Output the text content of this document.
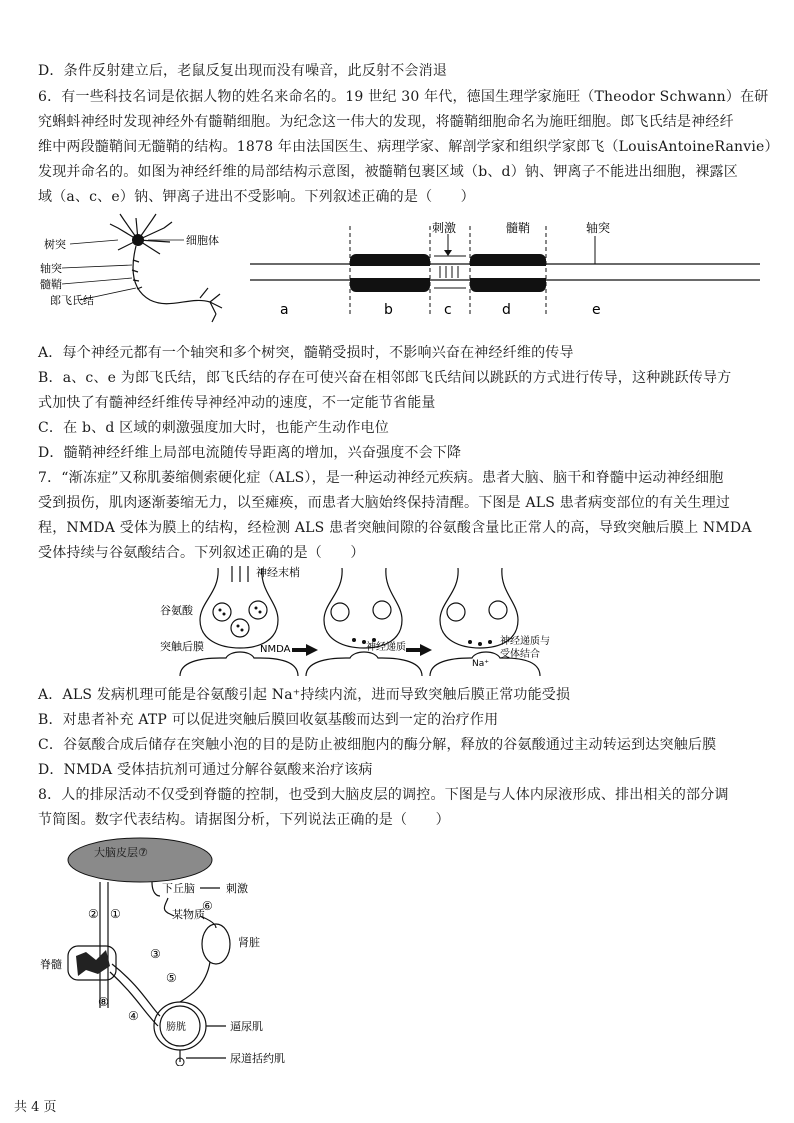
D．条件反射建立后，老鼠反复出现而没有噪音，此反射不会消退
6．有一些科技名词是依据人物的姓名来命名的。19 世纪 30 年代，德国生理学家施旺（Theodor Schwann）在研
究蝌蚪神经时发现神经外有髓鞘细胞。为纪念这一伟大的发现，将髓鞘细胞命名为施旺细胞。郎飞氏结是神经纤
维中两段髓鞘间无髓鞘的结构。1878 年由法国医生、病理学家、解剖学家和组织学家郎飞（LouisAntoineRanvie）
发现并命名的。如图为神经纤维的局部结构示意图，被髓鞘包裹区域（b、d）钠、钾离子不能进出细胞，裸露区
域（a、c、e）钠、钾离子进出不受影响。下列叙述正确的是（　　）
树突	细胞体
轴突
髓鞘
郎飞氏结
刺激	髓鞘	轴突
a	b	c	d	e
A．每个神经元都有一个轴突和多个树突，髓鞘受损时，不影响兴奋在神经纤维的传导
B．a、c、e 为郎飞氏结，郎飞氏结的存在可使兴奋在相邻郎飞氏结间以跳跃的方式进行传导，这种跳跃传导方
式加快了有髓神经纤维传导神经冲动的速度，不一定能节省能量
C．在 b、d 区域的刺激强度加大时，也能产生动作电位
D．髓鞘神经纤维上局部电流随传导距离的增加，兴奋强度不会下降
7．“渐冻症”又称肌萎缩侧索硬化症（ALS），是一种运动神经元疾病。患者大脑、脑干和脊髓中运动神经细胞
受到损伤，肌肉逐渐萎缩无力，以至瘫痪，而患者大脑始终保持清醒。下图是 ALS 患者病变部位的有关生理过
程，NMDA 受体为膜上的结构，经检测 ALS 患者突触间隙的谷氨酸含量比正常人的高，导致突触后膜上 NMDA
受体持续与谷氨酸结合。下列叙述正确的是（　　）
神经末梢
谷氨酸
突触后膜	NMDA	神经递质
神经递质与
受体结合
Na⁺
A．ALS 发病机理可能是谷氨酸引起 Na⁺持续内流，进而导致突触后膜正常功能受损
B．对患者补充 ATP 可以促进突触后膜回收氨基酸而达到一定的治疗作用
C．谷氨酸合成后储存在突触小泡的目的是防止被细胞内的酶分解，释放的谷氨酸通过主动转运到达突触后膜
D．NMDA 受体拮抗剂可通过分解谷氨酸来治疗该病
8．人的排尿活动不仅受到脊髓的控制，也受到大脑皮层的调控。下图是与人体内尿液形成、排出相关的部分调
节简图。数字代表结构。请据图分析，下列说法正确的是（　　）
大脑皮层⑦
下丘脑	刺激
某物质
肾脏
脊髓
膀胱	逼尿肌
尿道括约肌
② ①
③
④
⑤
⑥
⑧
共 4 页
